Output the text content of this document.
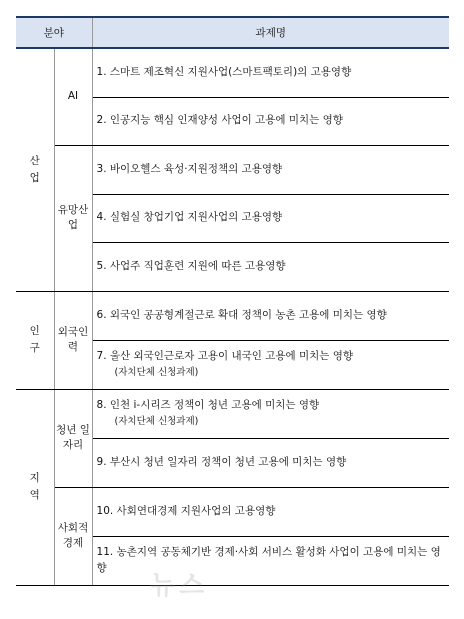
분야		과제명

산
업	AI	1. 스마트 제조혁신 지원사업(스마트팩토리)의 고용영향
		2. 인공지능 핵심 인재양성 사업이 고용에 미치는 영향
	유망산업	3. 바이오헬스 육성·지원정책의 고용영향
		4. 실험실 창업기업 지원사업의 고용영향
		5. 사업주 직업훈련 지원에 따른 고용영향

인
구	외국인력	6. 외국인 공공형계절근로 확대 정책이 농촌 고용에 미치는 영향
		7. 울산 외국인근로자 고용이 내국인 고용에 미치는 영향
(자치단체 신청과제)

지
역	청년 일자리	8. 인천 i-시리즈 정책이 청년 고용에 미치는 영향
(자치단체 신청과제)
		9. 부산시 청년 일자리 정책이 청년 고용에 미치는 영향
	사회적경제	10. 사회연대경제 지원사업의 고용영향
		11. 농촌지역 공동체기반 경제·사회 서비스 활성화 사업이 고용에 미치는 영향
뉴스
